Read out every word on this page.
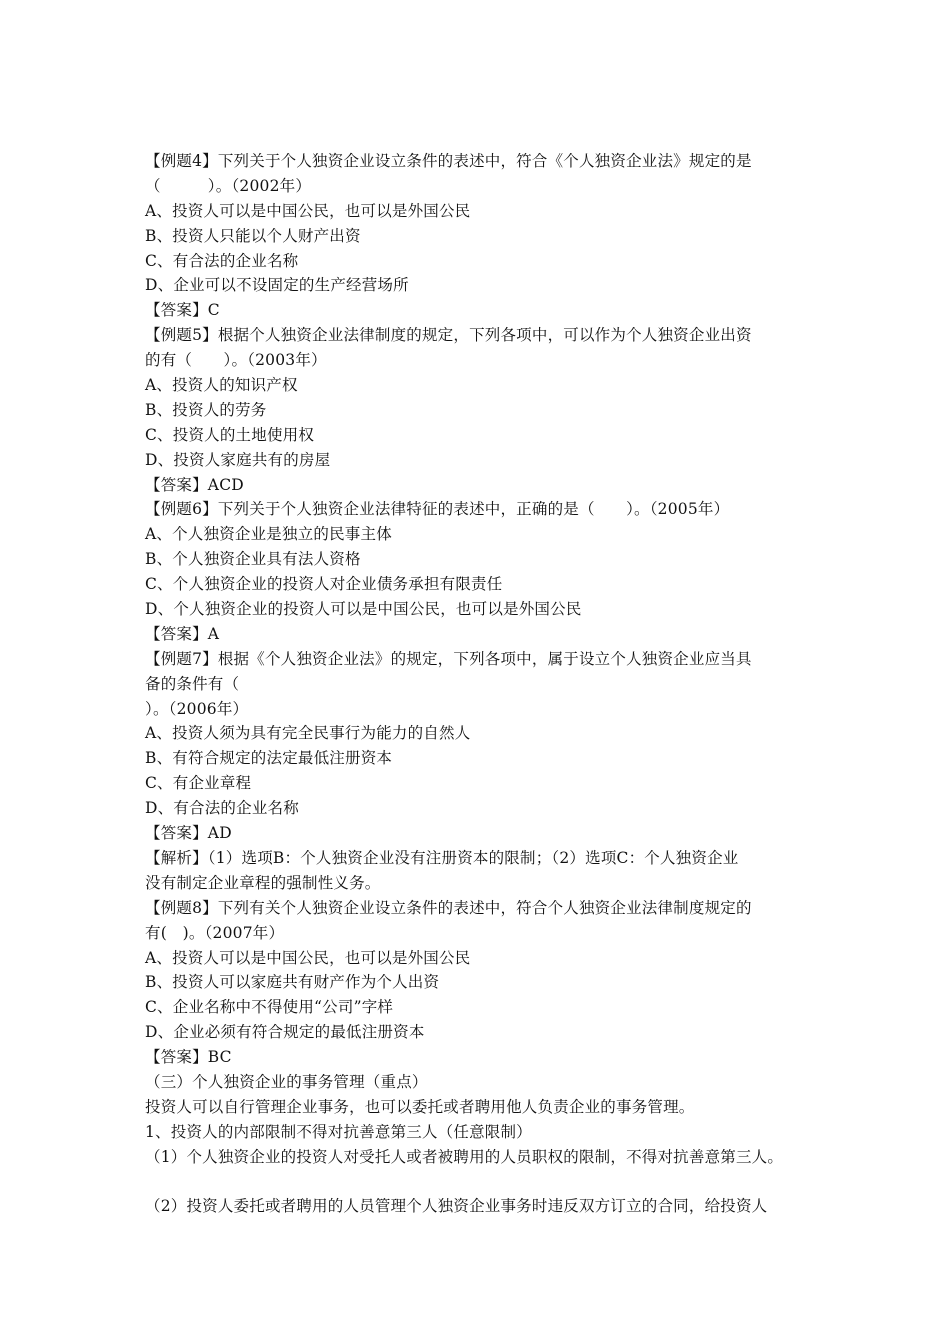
【例题4】下列关于个人独资企业设立条件的表述中，符合《个人独资企业法》规定的是
（　　　）。（2002年）
A、投资人可以是中国公民，也可以是外国公民
B、投资人只能以个人财产出资
C、有合法的企业名称
D、企业可以不设固定的生产经营场所
【答案】C
【例题5】根据个人独资企业法律制度的规定，下列各项中，可以作为个人独资企业出资
的有（　　）。（2003年）
A、投资人的知识产权
B、投资人的劳务
C、投资人的土地使用权
D、投资人家庭共有的房屋
【答案】ACD
【例题6】下列关于个人独资企业法律特征的表述中，正确的是（　　）。（2005年）
A、个人独资企业是独立的民事主体
B、个人独资企业具有法人资格
C、个人独资企业的投资人对企业债务承担有限责任
D、个人独资企业的投资人可以是中国公民，也可以是外国公民
【答案】A
【例题7】根据《个人独资企业法》的规定，下列各项中，属于设立个人独资企业应当具
备的条件有（
）。（2006年）
A、投资人须为具有完全民事行为能力的自然人
B、有符合规定的法定最低注册资本
C、有企业章程
D、有合法的企业名称
【答案】AD
【解析】（1）选项B：个人独资企业没有注册资本的限制；（2）选项C：个人独资企业
没有制定企业章程的强制性义务。
【例题8】下列有关个人独资企业设立条件的表述中，符合个人独资企业法律制度规定的
有(　)。（2007年）
A、投资人可以是中国公民，也可以是外国公民
B、投资人可以家庭共有财产作为个人出资
C、企业名称中不得使用“公司”字样
D、企业必须有符合规定的最低注册资本
【答案】BC
（三）个人独资企业的事务管理（重点）
投资人可以自行管理企业事务，也可以委托或者聘用他人负责企业的事务管理。
1、投资人的内部限制不得对抗善意第三人（任意限制）
（1）个人独资企业的投资人对受托人或者被聘用的人员职权的限制，不得对抗善意第三人。
（2）投资人委托或者聘用的人员管理个人独资企业事务时违反双方订立的合同，给投资人
